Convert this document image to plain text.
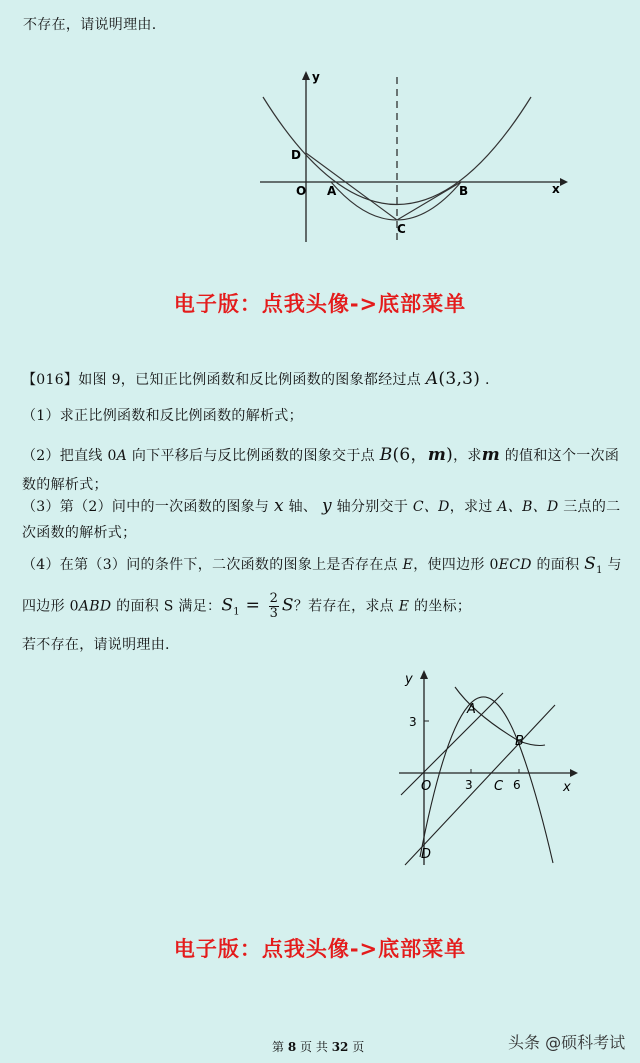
不存在，请说明理由.
y
x
O
D
A	B
C
电子版：点我头像->底部菜单
【016】如图 9，已知正比例函数和反比例函数的图象都经过点 A(3,3) .
（1）求正比例函数和反比例函数的解析式；
（2）把直线 0A 向下平移后与反比例函数的图象交于点 B(6，m)，求m 的值和这个一次函
数的解析式；
（3）第（2）问中的一次函数的图象与 x 轴、 y 轴分别交于 C、D，求过 A、B、D 三点的二
次函数的解析式；
（4）在第（3）问的条件下，二次函数的图象上是否存在点 E，使四边形 0ECD 的面积 $S_1$ 与
四边形 0ABD 的面积 S 满足：$S_1 = \frac{2}{3}$ S？若存在，求点 E 的坐标；
若不存在，请说明理由.
y
x
O
A
B
C
D
3
3	6
电子版：点我头像->底部菜单
第 8 页 共 32 页	头条 @硕科考试
